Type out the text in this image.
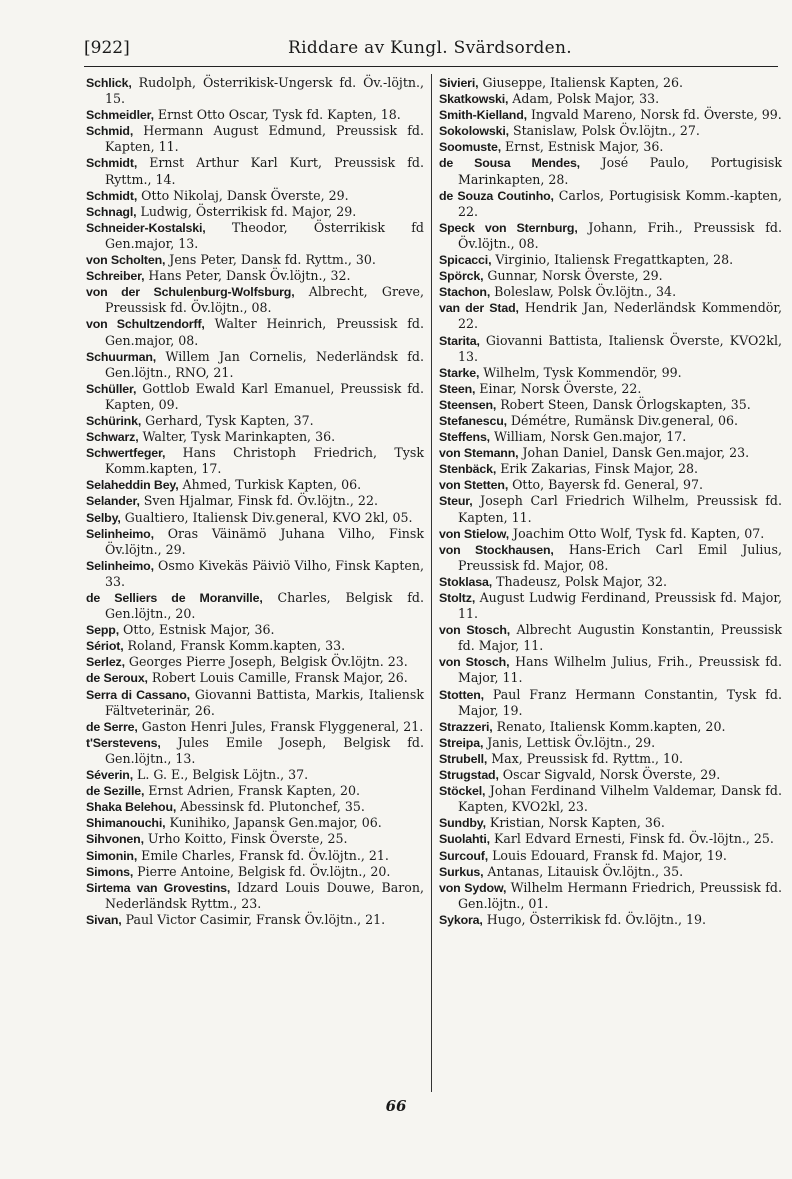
[922]	Riddare av Kungl. Svärdsorden.

Schlick, Rudolph, Österrikisk-Ungersk fd. Öv.-löjtn., 15.

Schmeidler, Ernst Otto Oscar, Tysk fd. Kapten, 18.

Schmid, Hermann August Edmund, Preussisk fd. Kapten, 11.

Schmidt, Ernst Arthur Karl Kurt, Preussisk fd. Ryttm., 14.

Schmidt, Otto Nikolaj, Dansk Överste, 29.

Schnagl, Ludwig, Österrikisk fd. Major, 29.

Schneider-Kostalski, Theodor, Österrikisk fd Gen.major, 13.

von Scholten, Jens Peter, Dansk fd. Ryttm., 30.

Schreiber, Hans Peter, Dansk Öv.löjtn., 32.

von der Schulenburg-Wolfsburg, Albrecht, Greve, Preussisk fd. Öv.löjtn., 08.

von Schultzendorff, Walter Heinrich, Preussisk fd. Gen.major, 08.

Schuurman, Willem Jan Cornelis, Nederländsk fd. Gen.löjtn., RNO, 21.

Schüller, Gottlob Ewald Karl Emanuel, Preussisk fd. Kapten, 09.

Schürink, Gerhard, Tysk Kapten, 37.

Schwarz, Walter, Tysk Marinkapten, 36.

Schwertfeger, Hans Christoph Friedrich, Tysk Komm.kapten, 17.

Selaheddin Bey, Ahmed, Turkisk Kapten, 06.

Selander, Sven Hjalmar, Finsk fd. Öv.löjtn., 22.

Selby, Gualtiero, Italiensk Div.general, KVO 2kl, 05.

Selinheimo, Oras Väinämö Juhana Vilho, Finsk Öv.löjtn., 29.

Selinheimo, Osmo Kivekäs Päiviö Vilho, Finsk Kapten, 33.

de Selliers de Moranville, Charles, Belgisk fd. Gen.löjtn., 20.

Sepp, Otto, Estnisk Major, 36.

Sériot, Roland, Fransk Komm.kapten, 33.

Serlez, Georges Pierre Joseph, Belgisk Öv.löjtn. 23.

de Seroux, Robert Louis Camille, Fransk Major, 26.

Serra di Cassano, Giovanni Battista, Markis, Italiensk Fältveterinär, 26.

de Serre, Gaston Henri Jules, Fransk Flyggeneral, 21.

t'Serstevens, Jules Emile Joseph, Belgisk fd. Gen.löjtn., 13.

Séverin, L. G. E., Belgisk Löjtn., 37.

de Sezille, Ernst Adrien, Fransk Kapten, 20.

Shaka Belehou, Abessinsk fd. Plutonchef, 35.

Shimanouchi, Kunihiko, Japansk Gen.major, 06.

Sihvonen, Urho Koitto, Finsk Överste, 25.

Simonin, Emile Charles, Fransk fd. Öv.löjtn., 21.

Simons, Pierre Antoine, Belgisk fd. Öv.löjtn., 20.

Sirtema van Grovestins, Idzard Louis Douwe, Baron, Nederländsk Ryttm., 23.

Sivan, Paul Victor Casimir, Fransk Öv.löjtn., 21.

Sivieri, Giuseppe, Italiensk Kapten, 26.

Skatkowski, Adam, Polsk Major, 33.

Smith-Kielland, Ingvald Mareno, Norsk fd. Överste, 99.

Sokolowski, Stanislaw, Polsk Öv.löjtn., 27.

Soomuste, Ernst, Estnisk Major, 36.

de Sousa Mendes, José Paulo, Portugisisk Marinkapten, 28.

de Souza Coutinho, Carlos, Portugisisk Komm.-kapten, 22.

Speck von Sternburg, Johann, Frih., Preussisk fd. Öv.löjtn., 08.

Spicacci, Virginio, Italiensk Fregattkapten, 28.

Spörck, Gunnar, Norsk Överste, 29.

Stachon, Boleslaw, Polsk Öv.löjtn., 34.

van der Stad, Hendrik Jan, Nederländsk Kommendör, 22.

Starita, Giovanni Battista, Italiensk Överste, KVO2kl, 13.

Starke, Wilhelm, Tysk Kommendör, 99.

Steen, Einar, Norsk Överste, 22.

Steensen, Robert Steen, Dansk Örlogskapten, 35.

Stefanescu, Démétre, Rumänsk Div.general, 06.

Steffens, William, Norsk Gen.major, 17.

von Stemann, Johan Daniel, Dansk Gen.major, 23.

Stenbäck, Erik Zakarias, Finsk Major, 28.

von Stetten, Otto, Bayersk fd. General, 97.

Steur, Joseph Carl Friedrich Wilhelm, Preussisk fd. Kapten, 11.

von Stielow, Joachim Otto Wolf, Tysk fd. Kapten, 07.

von Stockhausen, Hans-Erich Carl Emil Julius, Preussisk fd. Major, 08.

Stoklasa, Thadeusz, Polsk Major, 32.

Stoltz, August Ludwig Ferdinand, Preussisk fd. Major, 11.

von Stosch, Albrecht Augustin Konstantin, Preussisk fd. Major, 11.

von Stosch, Hans Wilhelm Julius, Frih., Preussisk fd. Major, 11.

Stotten, Paul Franz Hermann Constantin, Tysk fd. Major, 19.

Strazzeri, Renato, Italiensk Komm.kapten, 20.

Streipa, Janis, Lettisk Öv.löjtn., 29.

Strubell, Max, Preussisk fd. Ryttm., 10.

Strugstad, Oscar Sigvald, Norsk Överste, 29.

Stöckel, Johan Ferdinand Vilhelm Valdemar, Dansk fd. Kapten, KVO2kl, 23.

Sundby, Kristian, Norsk Kapten, 36.

Suolahti, Karl Edvard Ernesti, Finsk fd. Öv.-löjtn., 25.

Surcouf, Louis Edouard, Fransk fd. Major, 19.

Surkus, Antanas, Litauisk Öv.löjtn., 35.

von Sydow, Wilhelm Hermann Friedrich, Preussisk fd. Gen.löjtn., 01.

Sykora, Hugo, Österrikisk fd. Öv.löjtn., 19.

66
